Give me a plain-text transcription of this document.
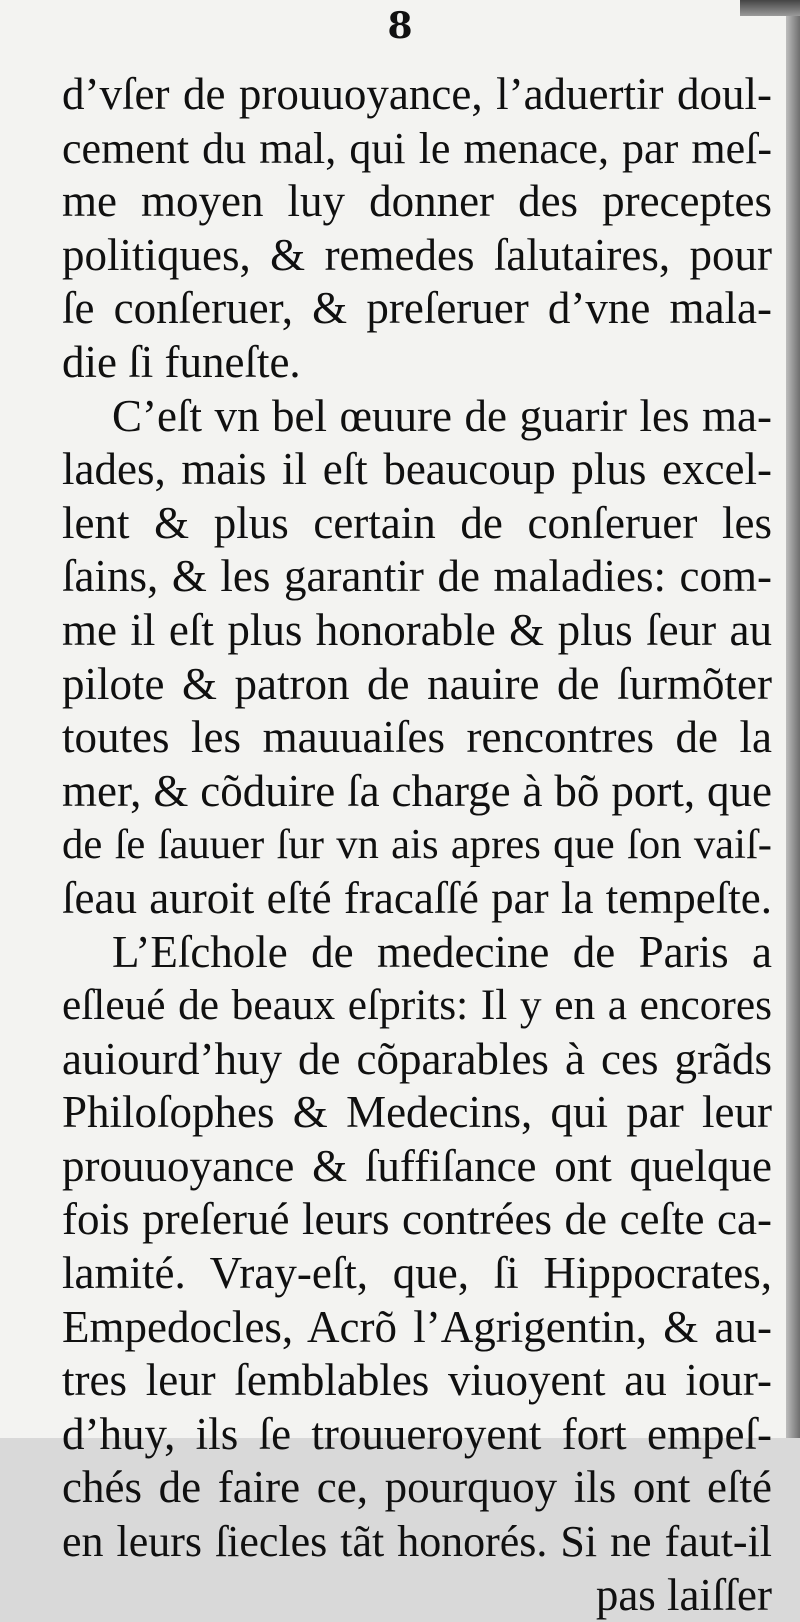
8
d’vſer de prouuoyance, l’aduertir doul-
cement du mal, qui le menace, par meſ-
me moyen luy donner des preceptes
politiques, & remedes ſalutaires, pour
ſe conſeruer, & preſeruer d’vne mala-
die ſi funeſte.
C’eſt vn bel œuure de guarir les ma-
lades, mais il eſt beaucoup plus excel-
lent & plus certain de conſeruer les
ſains, & les garantir de maladies: com-
me il eſt plus honorable & plus ſeur au
pilote & patron de nauire de ſurmõter
toutes les mauuaiſes rencontres de la
mer, & cõduire ſa charge à bõ port, que
de ſe ſauuer ſur vn ais apres que ſon vaiſ-
ſeau auroit eſté fracaſſé par la tempeſte.
L’Eſchole de medecine de Paris a
eſleué de beaux eſprits: Il y en a encores
auiourd’huy de cõparables à ces grãds
Philoſophes & Medecins, qui par leur
prouuoyance & ſuffiſance ont quelque
fois preſerué leurs contrées de ceſte ca-
lamité. Vray-eſt, que, ſi Hippocrates,
Empedocles, Acrõ l’Agrigentin, & au-
tres leur ſemblables viuoyent au iour-
d’huy, ils ſe trouueroyent fort empeſ-
chés de faire ce, pourquoy ils ont eſté
en leurs ſiecles tãt honorés. Si ne faut-il
pas laiſſer
